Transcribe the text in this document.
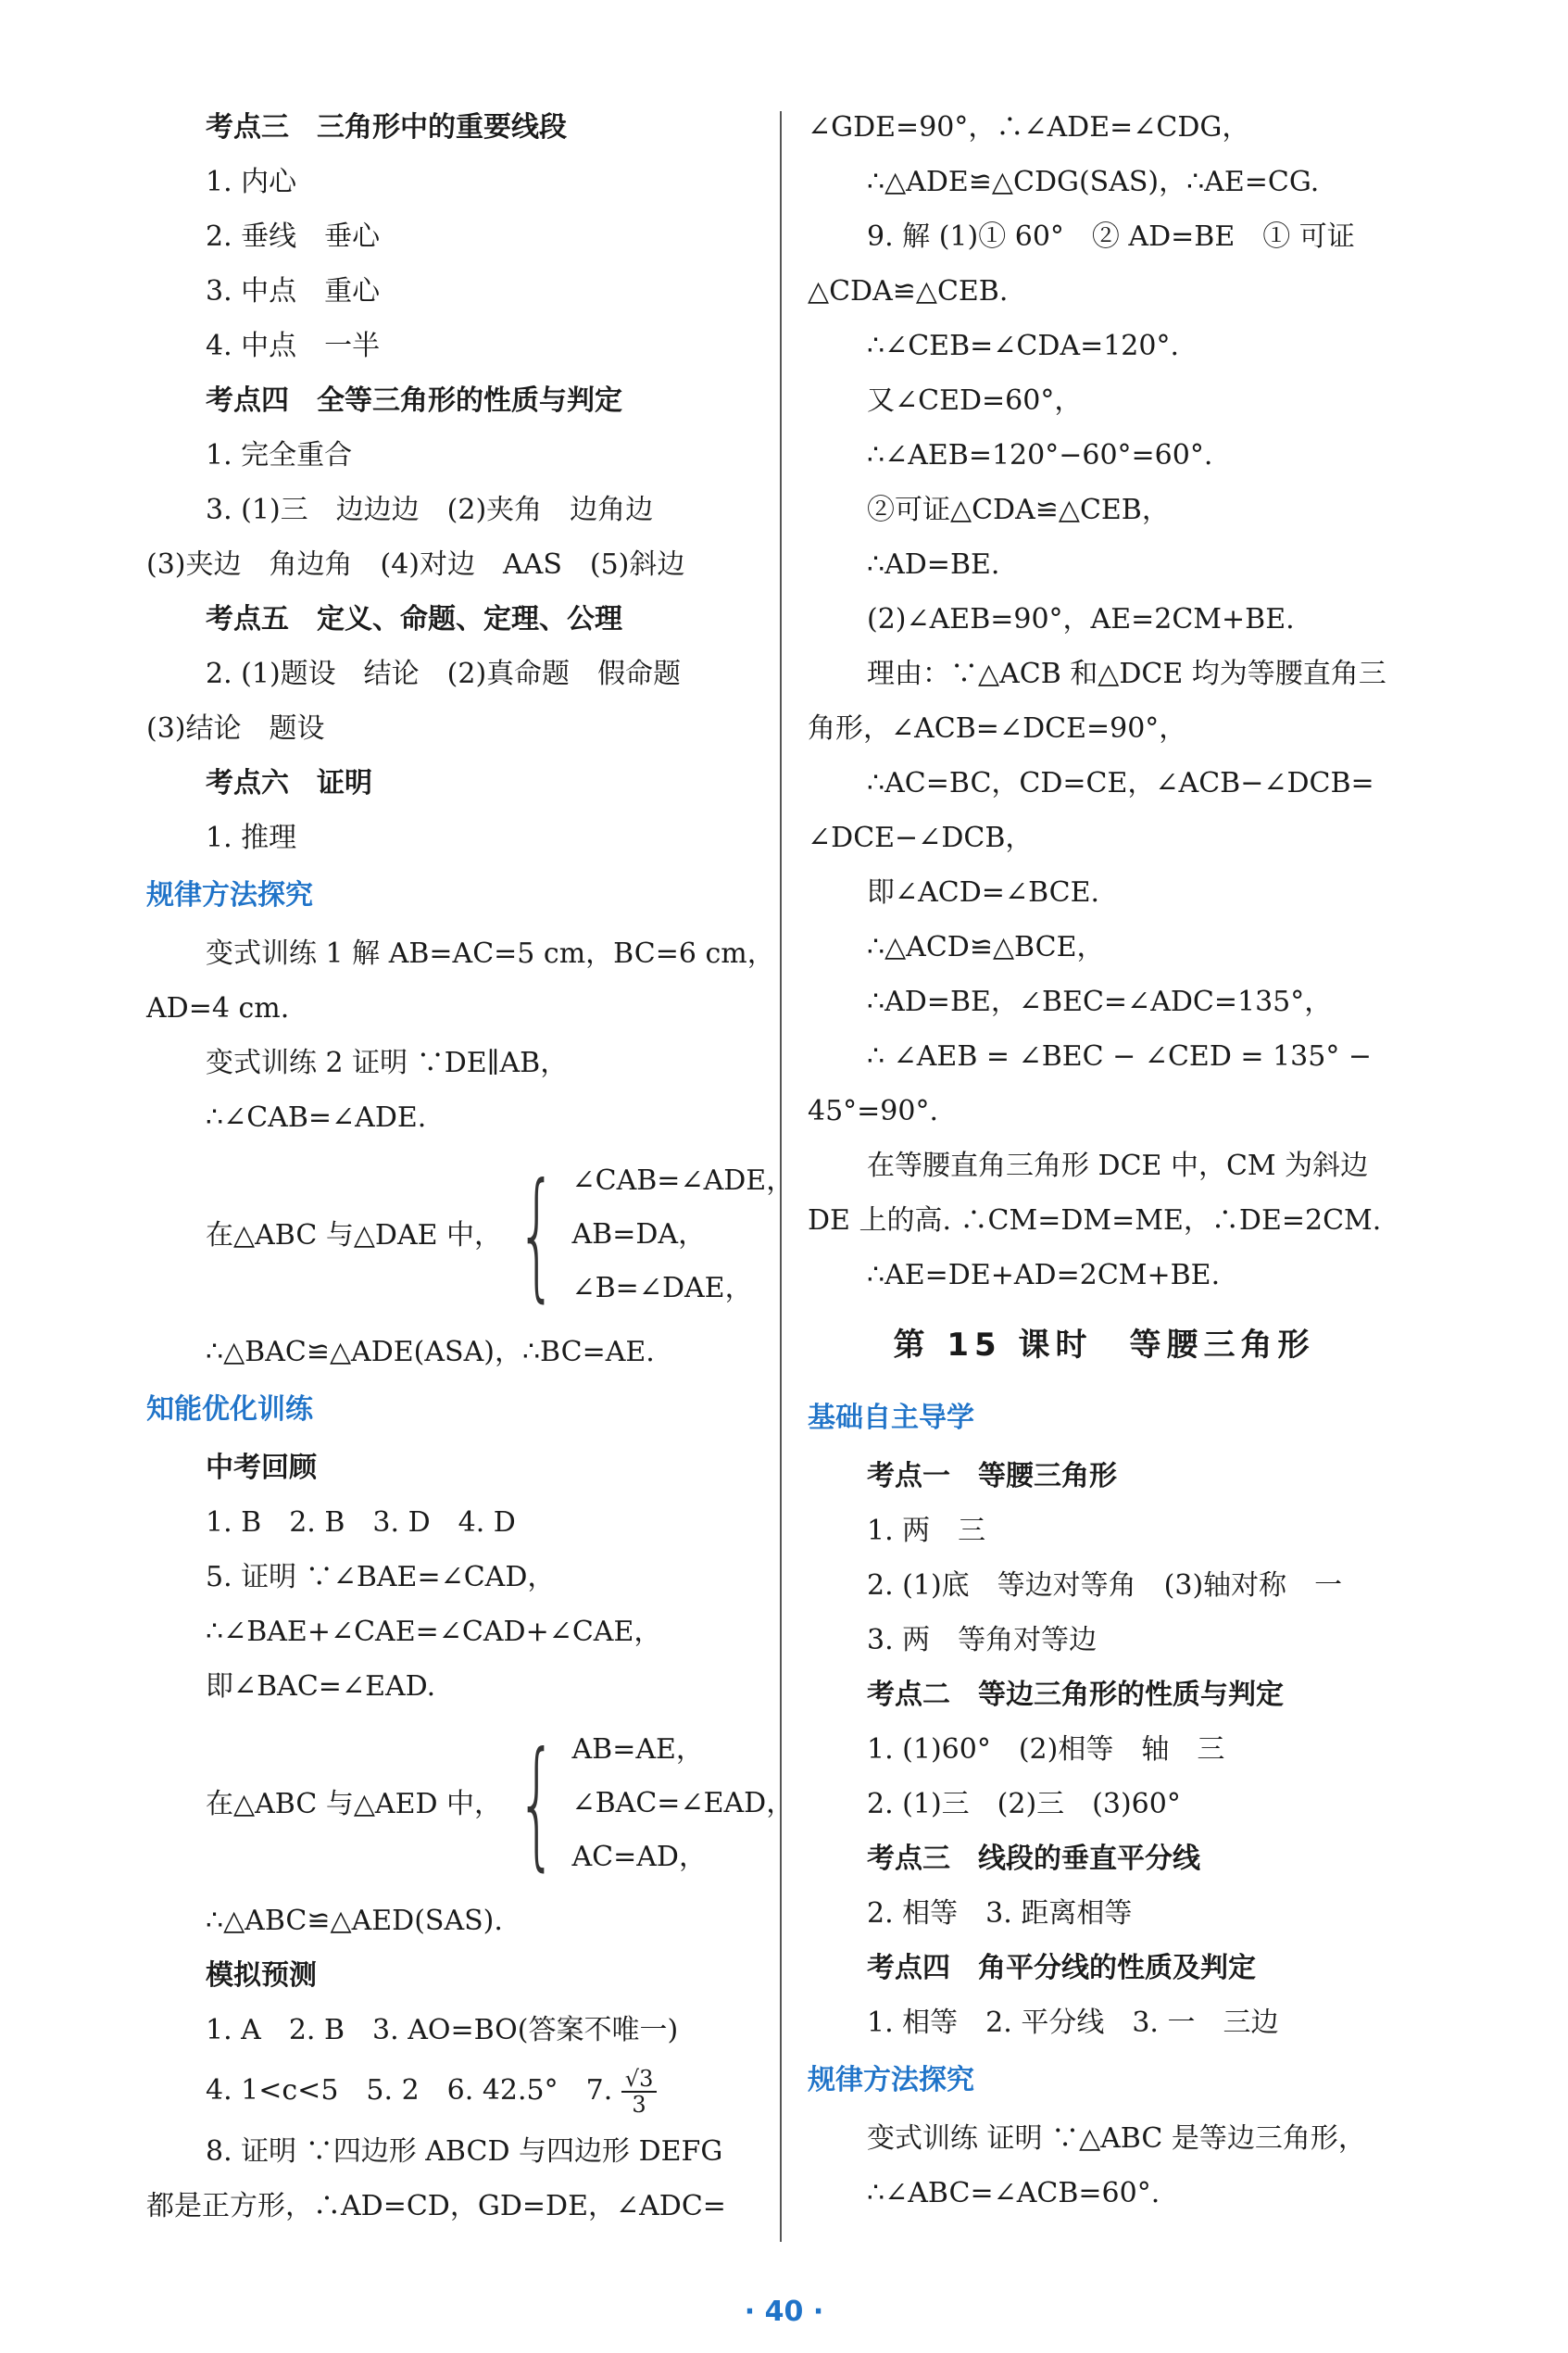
考点三　三角形中的重要线段
1. 内心
2. 垂线　垂心
3. 中点　重心
4. 中点　一半
考点四　全等三角形的性质与判定
1. 完全重合
3. (1)三　边边边　(2)夹角　边角边
(3)夹边　角边角　(4)对边　AAS　(5)斜边
考点五　定义、命题、定理、公理
2. (1)题设　结论　(2)真命题　假命题
(3)结论　题设
考点六　证明
1. 推理
规律方法探究
变式训练 1 解 AB=AC=5 cm，BC=6 cm，
AD=4 cm.
变式训练 2 证明 ∵DE∥AB，
∴∠CAB=∠ADE.
在△ABC 与△DAE 中， { ∠CAB=∠ADE，
AB=DA，
∠B=∠DAE，
∴△BAC≌△ADE(ASA)，∴BC=AE.
知能优化训练
中考回顾
1. B　2. B　3. D　4. D
5. 证明 ∵∠BAE=∠CAD，
∴∠BAE+∠CAE=∠CAD+∠CAE，
即∠BAC=∠EAD.
在△ABC 与△AED 中， { AB=AE，
∠BAC=∠EAD，
AC=AD，
∴△ABC≌△AED(SAS).
模拟预测
1. A　2. B　3. AO=BO(答案不唯一)
4. 1<c<5　5. 2　6. 42.5°　7. $\frac{√3}{3}$
8. 证明 ∵四边形 ABCD 与四边形 DEFG
都是正方形，∴AD=CD，GD=DE，∠ADC=
∠GDE=90°，∴∠ADE=∠CDG，
∴△ADE≌△CDG(SAS)，∴AE=CG.
9. 解 (1)① 60°　② AD=BE　① 可证
△CDA≌△CEB.
∴∠CEB=∠CDA=120°.
又∠CED=60°，
∴∠AEB=120°−60°=60°.
②可证△CDA≌△CEB，
∴AD=BE.
(2)∠AEB=90°，AE=2CM+BE.
理由：∵△ACB 和△DCE 均为等腰直角三
角形，∠ACB=∠DCE=90°，
∴AC=BC，CD=CE，∠ACB−∠DCB=
∠DCE−∠DCB，
即∠ACD=∠BCE.
∴△ACD≌△BCE，
∴AD=BE，∠BEC=∠ADC=135°，
∴ ∠AEB = ∠BEC − ∠CED = 135° −
45°=90°.
在等腰直角三角形 DCE 中，CM 为斜边
DE 上的高. ∴CM=DM=ME，∴DE=2CM.
∴AE=DE+AD=2CM+BE.
第 15 课时　等腰三角形
基础自主导学
考点一　等腰三角形
1. 两　三
2. (1)底　等边对等角　(3)轴对称　一
3. 两　等角对等边
考点二　等边三角形的性质与判定
1. (1)60°　(2)相等　轴　三
2. (1)三　(2)三　(3)60°
考点三　线段的垂直平分线
2. 相等　3. 距离相等
考点四　角平分线的性质及判定
1. 相等　2. 平分线　3. 一　三边
规律方法探究
变式训练 证明 ∵△ABC 是等边三角形，
∴∠ABC=∠ACB=60°.
· 40 ·
